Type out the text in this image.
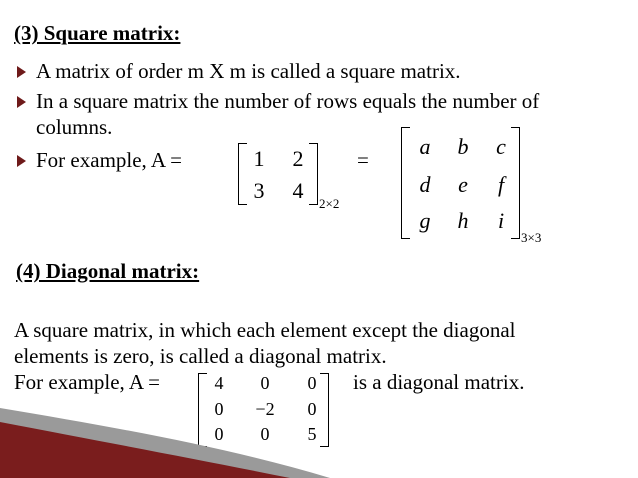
(3) Square matrix:
A matrix of order m X m is called a square matrix.
In a square matrix the number of rows equals the number of
columns.
For example, A =	1	2
3	4
2×2
=
a	b	c
d	e	f
g	h	i
3×3
(4) Diagonal matrix:
A square matrix, in which each element except the diagonal
elements is zero, is called a diagonal matrix.
For example, A =	4	0	0
0	−2	0
0	0	5
is a diagonal matrix.
